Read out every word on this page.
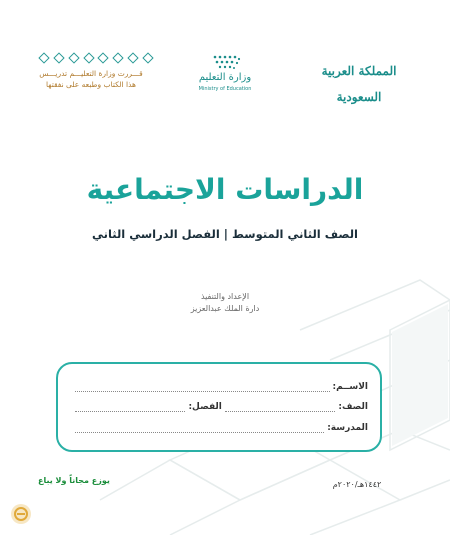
المملكة العربية السعودية
وزارة التعليم
Ministry of Education
قـــررت وزارة التعليـــم تدريـــس
هذا الكتاب وطبعه على نفقتها
الدراسات الاجتماعية
الصف الثاني المتوسط | الفصل الدراسي الثاني
الإعداد والتنفيذ
دارة الملك عبدالعزيز
الاســم:
الصف:
الفصل:
المدرسة:
يوزع مجاناً ولا يباع	١٤٤٢هـ/٢٠٢٠م
